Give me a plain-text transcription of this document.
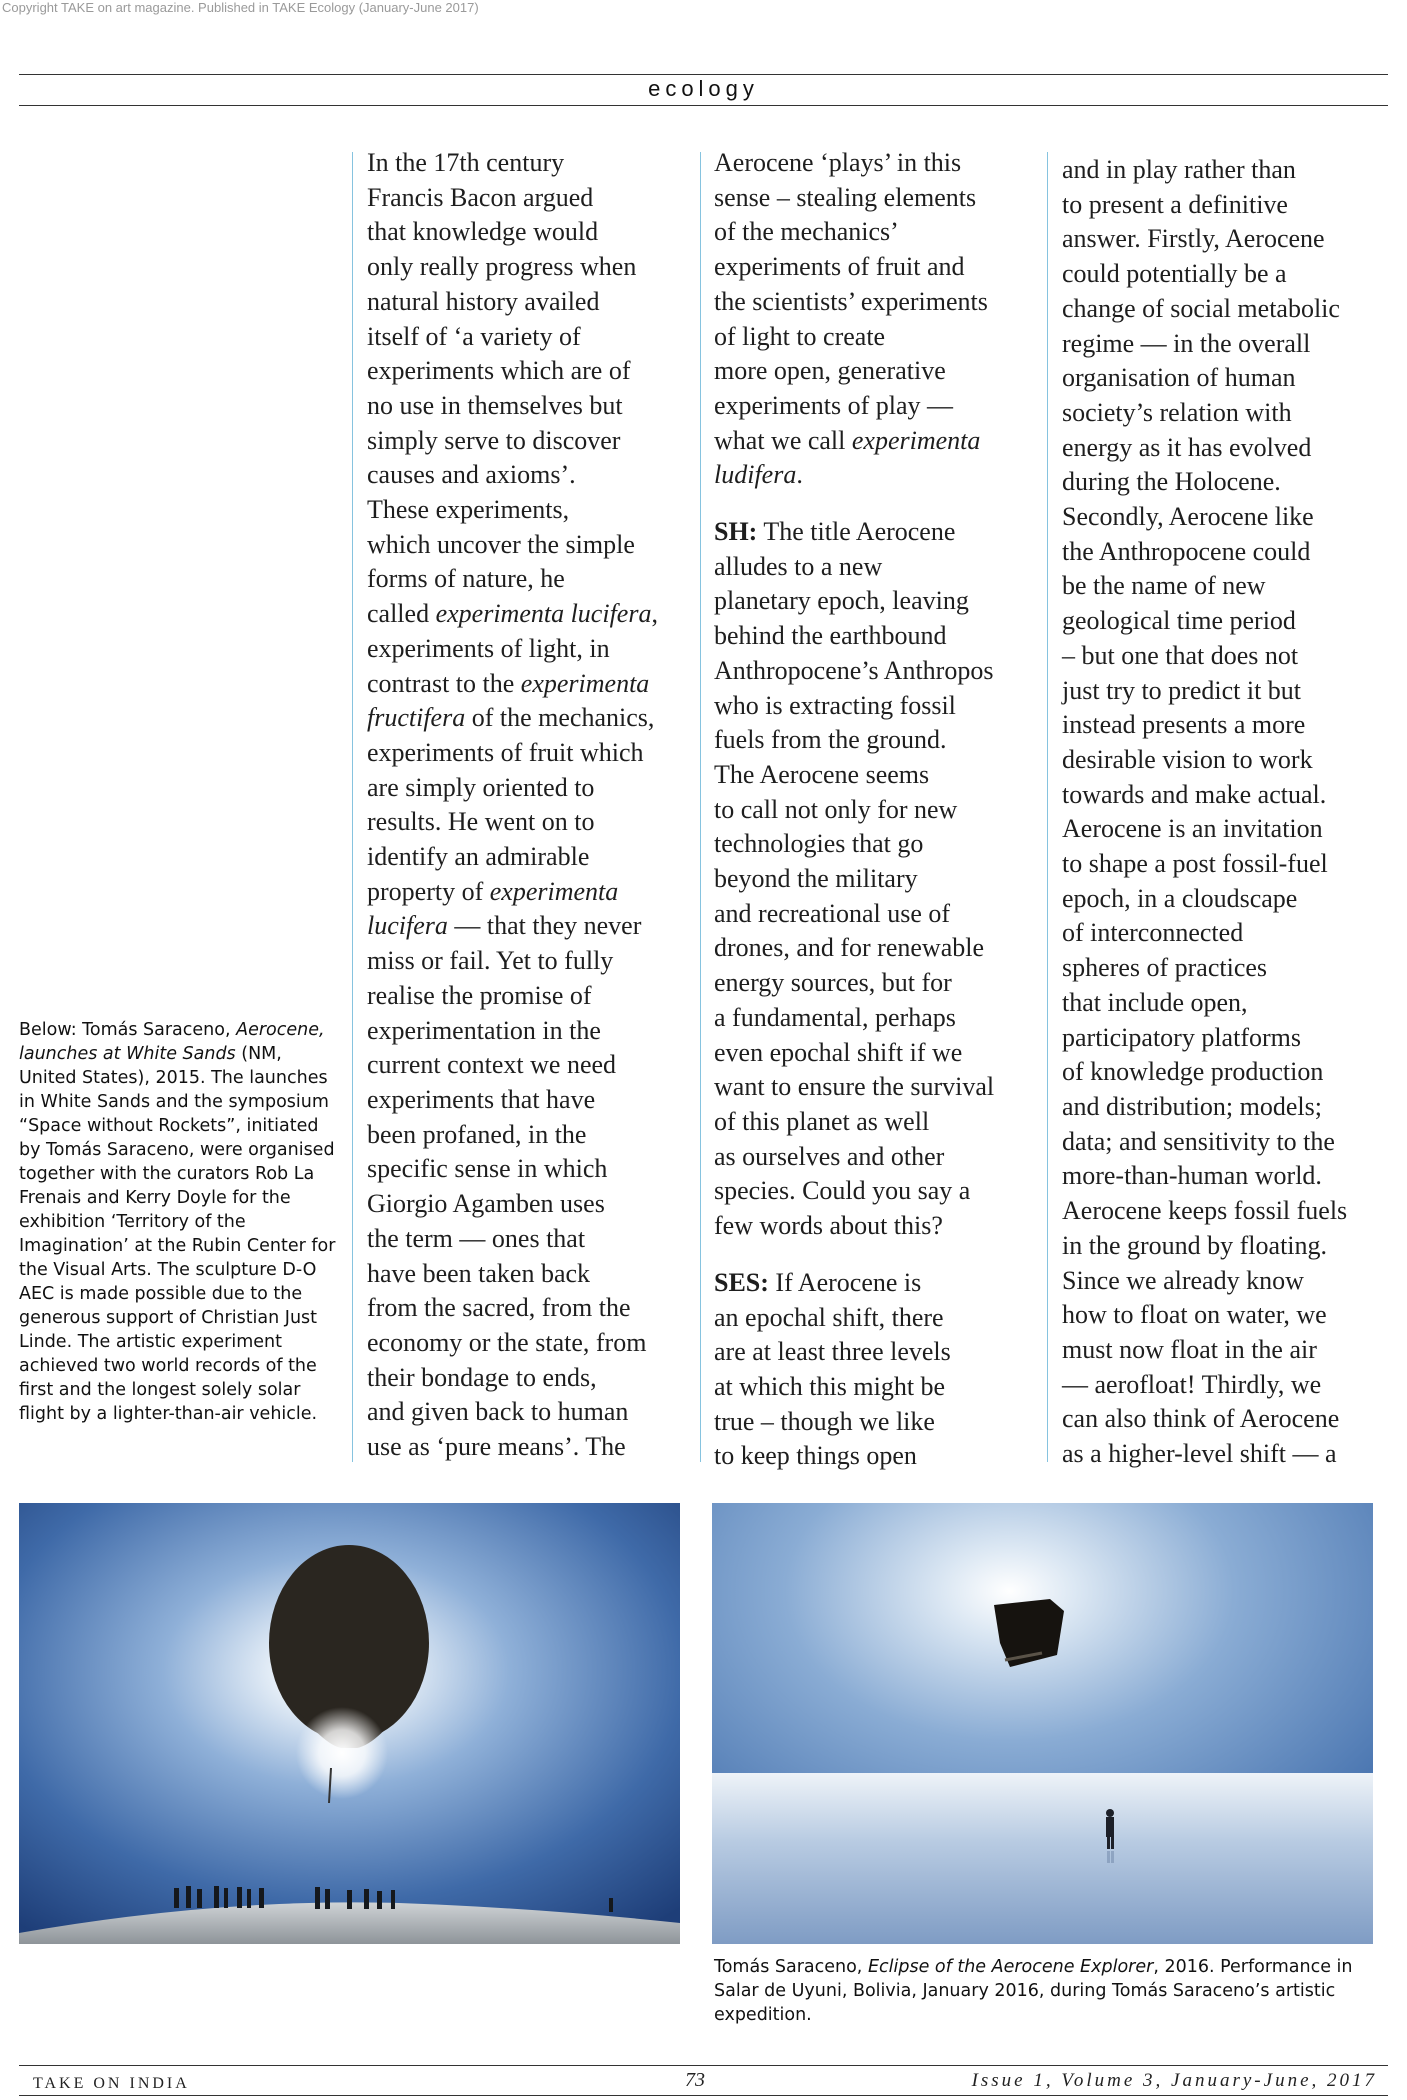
Copyright TAKE on art magazine. Published in TAKE Ecology (January-June 2017)
ecology
Below: Tomás Saraceno, Aerocene, launches at White Sands (NM, United States), 2015. The launches in White Sands and the symposium “Space without Rockets”, initiated by Tomás Saraceno, were organised together with the curators Rob La Frenais and Kerry Doyle for the exhibition ‘Territory of the Imagination’ at the Rubin Center for the Visual Arts. The sculpture D-O AEC is made possible due to the generous support of Christian Just Linde. The artistic experiment achieved two world records of the first and the longest solely solar flight by a lighter-than-air vehicle.

In the 17th century

Francis Bacon argued

that knowledge would

only really progress when

natural history availed

itself of ‘a variety of

experiments which are of

no use in themselves but

simply serve to discover

causes and axioms’.

These experiments,

which uncover the simple

forms of nature, he

called experimenta lucifera,

experiments of light, in

contrast to the experimenta

fructifera of the mechanics,

experiments of fruit which

are simply oriented to

results. He went on to

identify an admirable

property of experimenta

lucifera — that they never

miss or fail. Yet to fully

realise the promise of

experimentation in the

current context we need

experiments that have

been profaned, in the

specific sense in which

Giorgio Agamben uses

the term — ones that

have been taken back

from the sacred, from the

economy or the state, from

their bondage to ends,

and given back to human

use as ‘pure means’. The

Aerocene ‘plays’ in this

sense – stealing elements

of the mechanics’

experiments of fruit and

the scientists’ experiments

of light to create

more open, generative

experiments of play —

what we call experimenta

ludifera.

SH: The title Aerocene

alludes to a new

planetary epoch, leaving

behind the earthbound

Anthropocene’s Anthropos

who is extracting fossil

fuels from the ground.

The Aerocene seems

to call not only for new

technologies that go

beyond the military

and recreational use of

drones, and for renewable

energy sources, but for

a fundamental, perhaps

even epochal shift if we

want to ensure the survival

of this planet as well

as ourselves and other

species. Could you say a

few words about this?

SES: If Aerocene is

an epochal shift, there

are at least three levels

at which this might be

true – though we like

to keep things open

and in play rather than

to present a definitive

answer. Firstly, Aerocene

could potentially be a

change of social metabolic

regime — in the overall

organisation of human

society’s relation with

energy as it has evolved

during the Holocene.

Secondly, Aerocene like

the Anthropocene could

be the name of new

geological time period

– but one that does not

just try to predict it but

instead presents a more

desirable vision to work

towards and make actual.

Aerocene is an invitation

to shape a post fossil-fuel

epoch, in a cloudscape

of interconnected

spheres of practices

that include open,

participatory platforms

of knowledge production

and distribution; models;

data; and sensitivity to the

more-than-human world.

Aerocene keeps fossil fuels

in the ground by floating.

Since we already know

how to float on water, we

must now float in the air

— aerofloat! Thirdly, we

can also think of Aerocene

as a higher-level shift — a

Tomás Saraceno, Eclipse of the Aerocene Explorer, 2016. Performance in Salar de Uyuni, Bolivia, January 2016, during Tomás Saraceno’s artistic expedition.
TAKE ON INDIA	73	Issue 1, Volume 3, January-June, 2017
